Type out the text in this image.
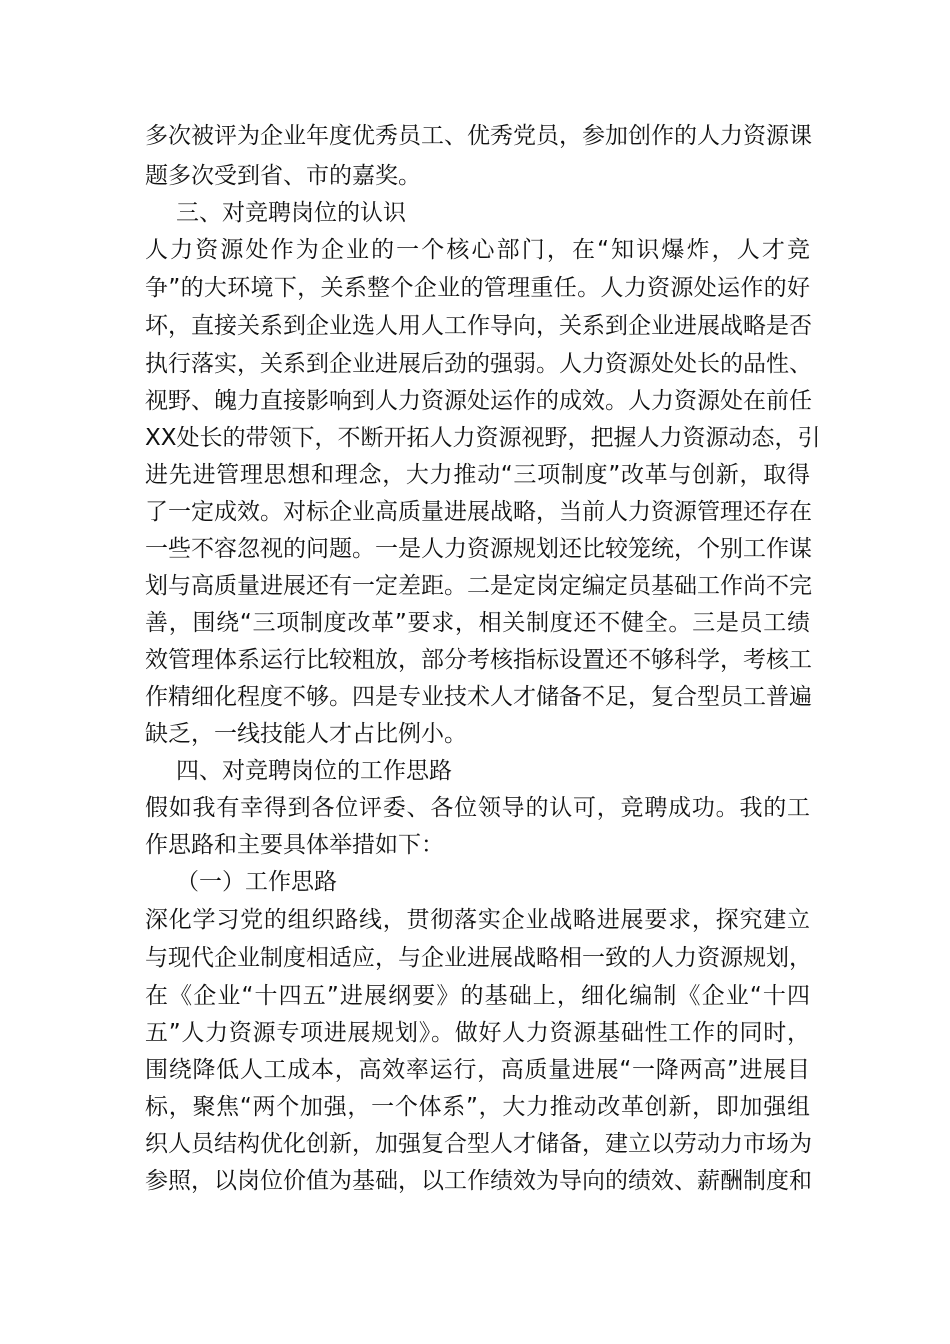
多次被评为企业年度优秀员工、优秀党员，参加创作的人力资源课
题多次受到省、市的嘉奖。
三、对竞聘岗位的认识
人力资源处作为企业的一个核心部门，在“知识爆炸，人才竞
争”的大环境下，关系整个企业的管理重任。人力资源处运作的好
坏，直接关系到企业选人用人工作导向，关系到企业进展战略是否
执行落实，关系到企业进展后劲的强弱。人力资源处处长的品性、
视野、魄力直接影响到人力资源处运作的成效。人力资源处在前任
XX处长的带领下，不断开拓人力资源视野，把握人力资源动态，引
进先进管理思想和理念，大力推动“三项制度”改革与创新，取得
了一定成效。对标企业高质量进展战略，当前人力资源管理还存在
一些不容忽视的问题。一是人力资源规划还比较笼统，个别工作谋
划与高质量进展还有一定差距。二是定岗定编定员基础工作尚不完
善，围绕“三项制度改革”要求，相关制度还不健全。三是员工绩
效管理体系运行比较粗放，部分考核指标设置还不够科学，考核工
作精细化程度不够。四是专业技术人才储备不足，复合型员工普遍
缺乏，一线技能人才占比例小。
四、对竞聘岗位的工作思路
假如我有幸得到各位评委、各位领导的认可，竞聘成功。我的工
作思路和主要具体举措如下：
（一）工作思路
深化学习党的组织路线，贯彻落实企业战略进展要求，探究建立
与现代企业制度相适应，与企业进展战略相一致的人力资源规划，
在《企业“十四五”进展纲要》的基础上，细化编制《企业“十四
五”人力资源专项进展规划》。做好人力资源基础性工作的同时，
围绕降低人工成本，高效率运行，高质量进展“一降两高”进展目
标，聚焦“两个加强，一个体系”，大力推动改革创新，即加强组
织人员结构优化创新，加强复合型人才储备，建立以劳动力市场为
参照，以岗位价值为基础，以工作绩效为导向的绩效、薪酬制度和
